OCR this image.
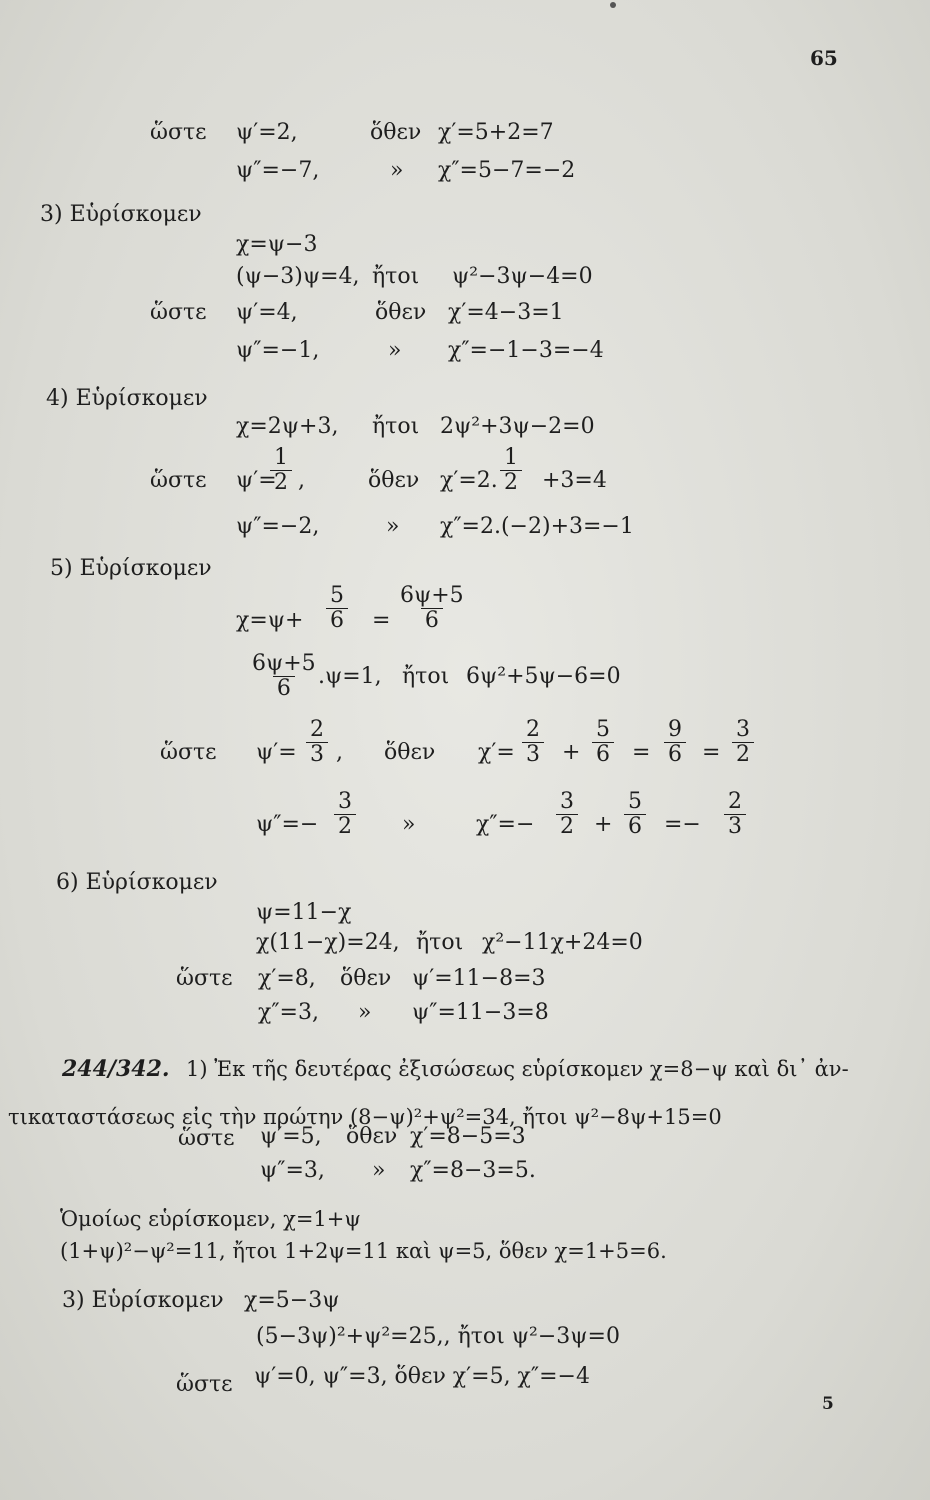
65
ὥστε ψ′=2,	ὅθεν χ′=5+2=7
ψ″=−7,	» χ″=5−7=−2
3) Εὑρίσκομεν
χ=ψ−3
(ψ−3)ψ=4, ἤτοι ψ²−3ψ−4=0
ὥστε ψ′=4,	ὅθεν χ′=4−3=1
ψ″=−1,	» χ″=−1−3=−4
4) Εὑρίσκομεν
χ=2ψ+3, ἤτοι 2ψ²+3ψ−2=0
ὥστε ψ′=
$\frac{1}{2}$ ,	ὅθεν χ′=2. $\frac{1}{2} +3=4$
ψ″=−2,	» χ″=2.(−2)+3=−1
5) Εὑρίσκομεν
$\chi=\psi+ \frac{5}{6} = \frac{6\psi+5}{6}$
$\frac{6\psi+5}{6}$
.ψ=1, ἤτοι 6ψ²+5ψ−6=0
ὥστε $\psi'= \frac{2}{3}$ , ὅθεν $\chi'= \frac{2}{3} + \frac{5}{6} = \frac{9}{6} = \frac{3}{2}$
$\psi''=- \frac{3}{2}$ »	$\chi''=- \frac{3}{2} + \frac{5}{6} =- \frac{2}{3}$
6) Εὑρίσκομεν
ψ=11−χ
χ(11−χ)=24, ἤτοι χ²−11χ+24=0
ὥστε χ′=8, ὅθεν ψ′=11−8=3
χ″=3, » ψ″=11−3=8
244/342. 1) Ἐκ τῆς δευτέρας ἐξισώσεως εὑρίσκομεν χ=8−ψ καὶ δι᾽ ἀν-
τικαταστάσεως εἰς τὴν πρώτην (8−ψ)²+ψ²=34, ἤτοι ψ²−8ψ+15=0
ὥστε ψ′=5, ὅθεν χ′=8−5=3
ψ″=3, » χ″=8−3=5.
Ὁμοίως εὑρίσκομεν, χ=1+ψ
(1+ψ)²−ψ²=11, ἤτοι 1+2ψ=11 καὶ ψ=5, ὅθεν χ=1+5=6.
3) Εὑρίσκομεν χ=5−3ψ
(5−3ψ)²+ψ²=25,, ἤτοι ψ²−3ψ=0
ὥστε ψ′=0, ψ″=3, ὅθεν χ′=5, χ″=−4
5
